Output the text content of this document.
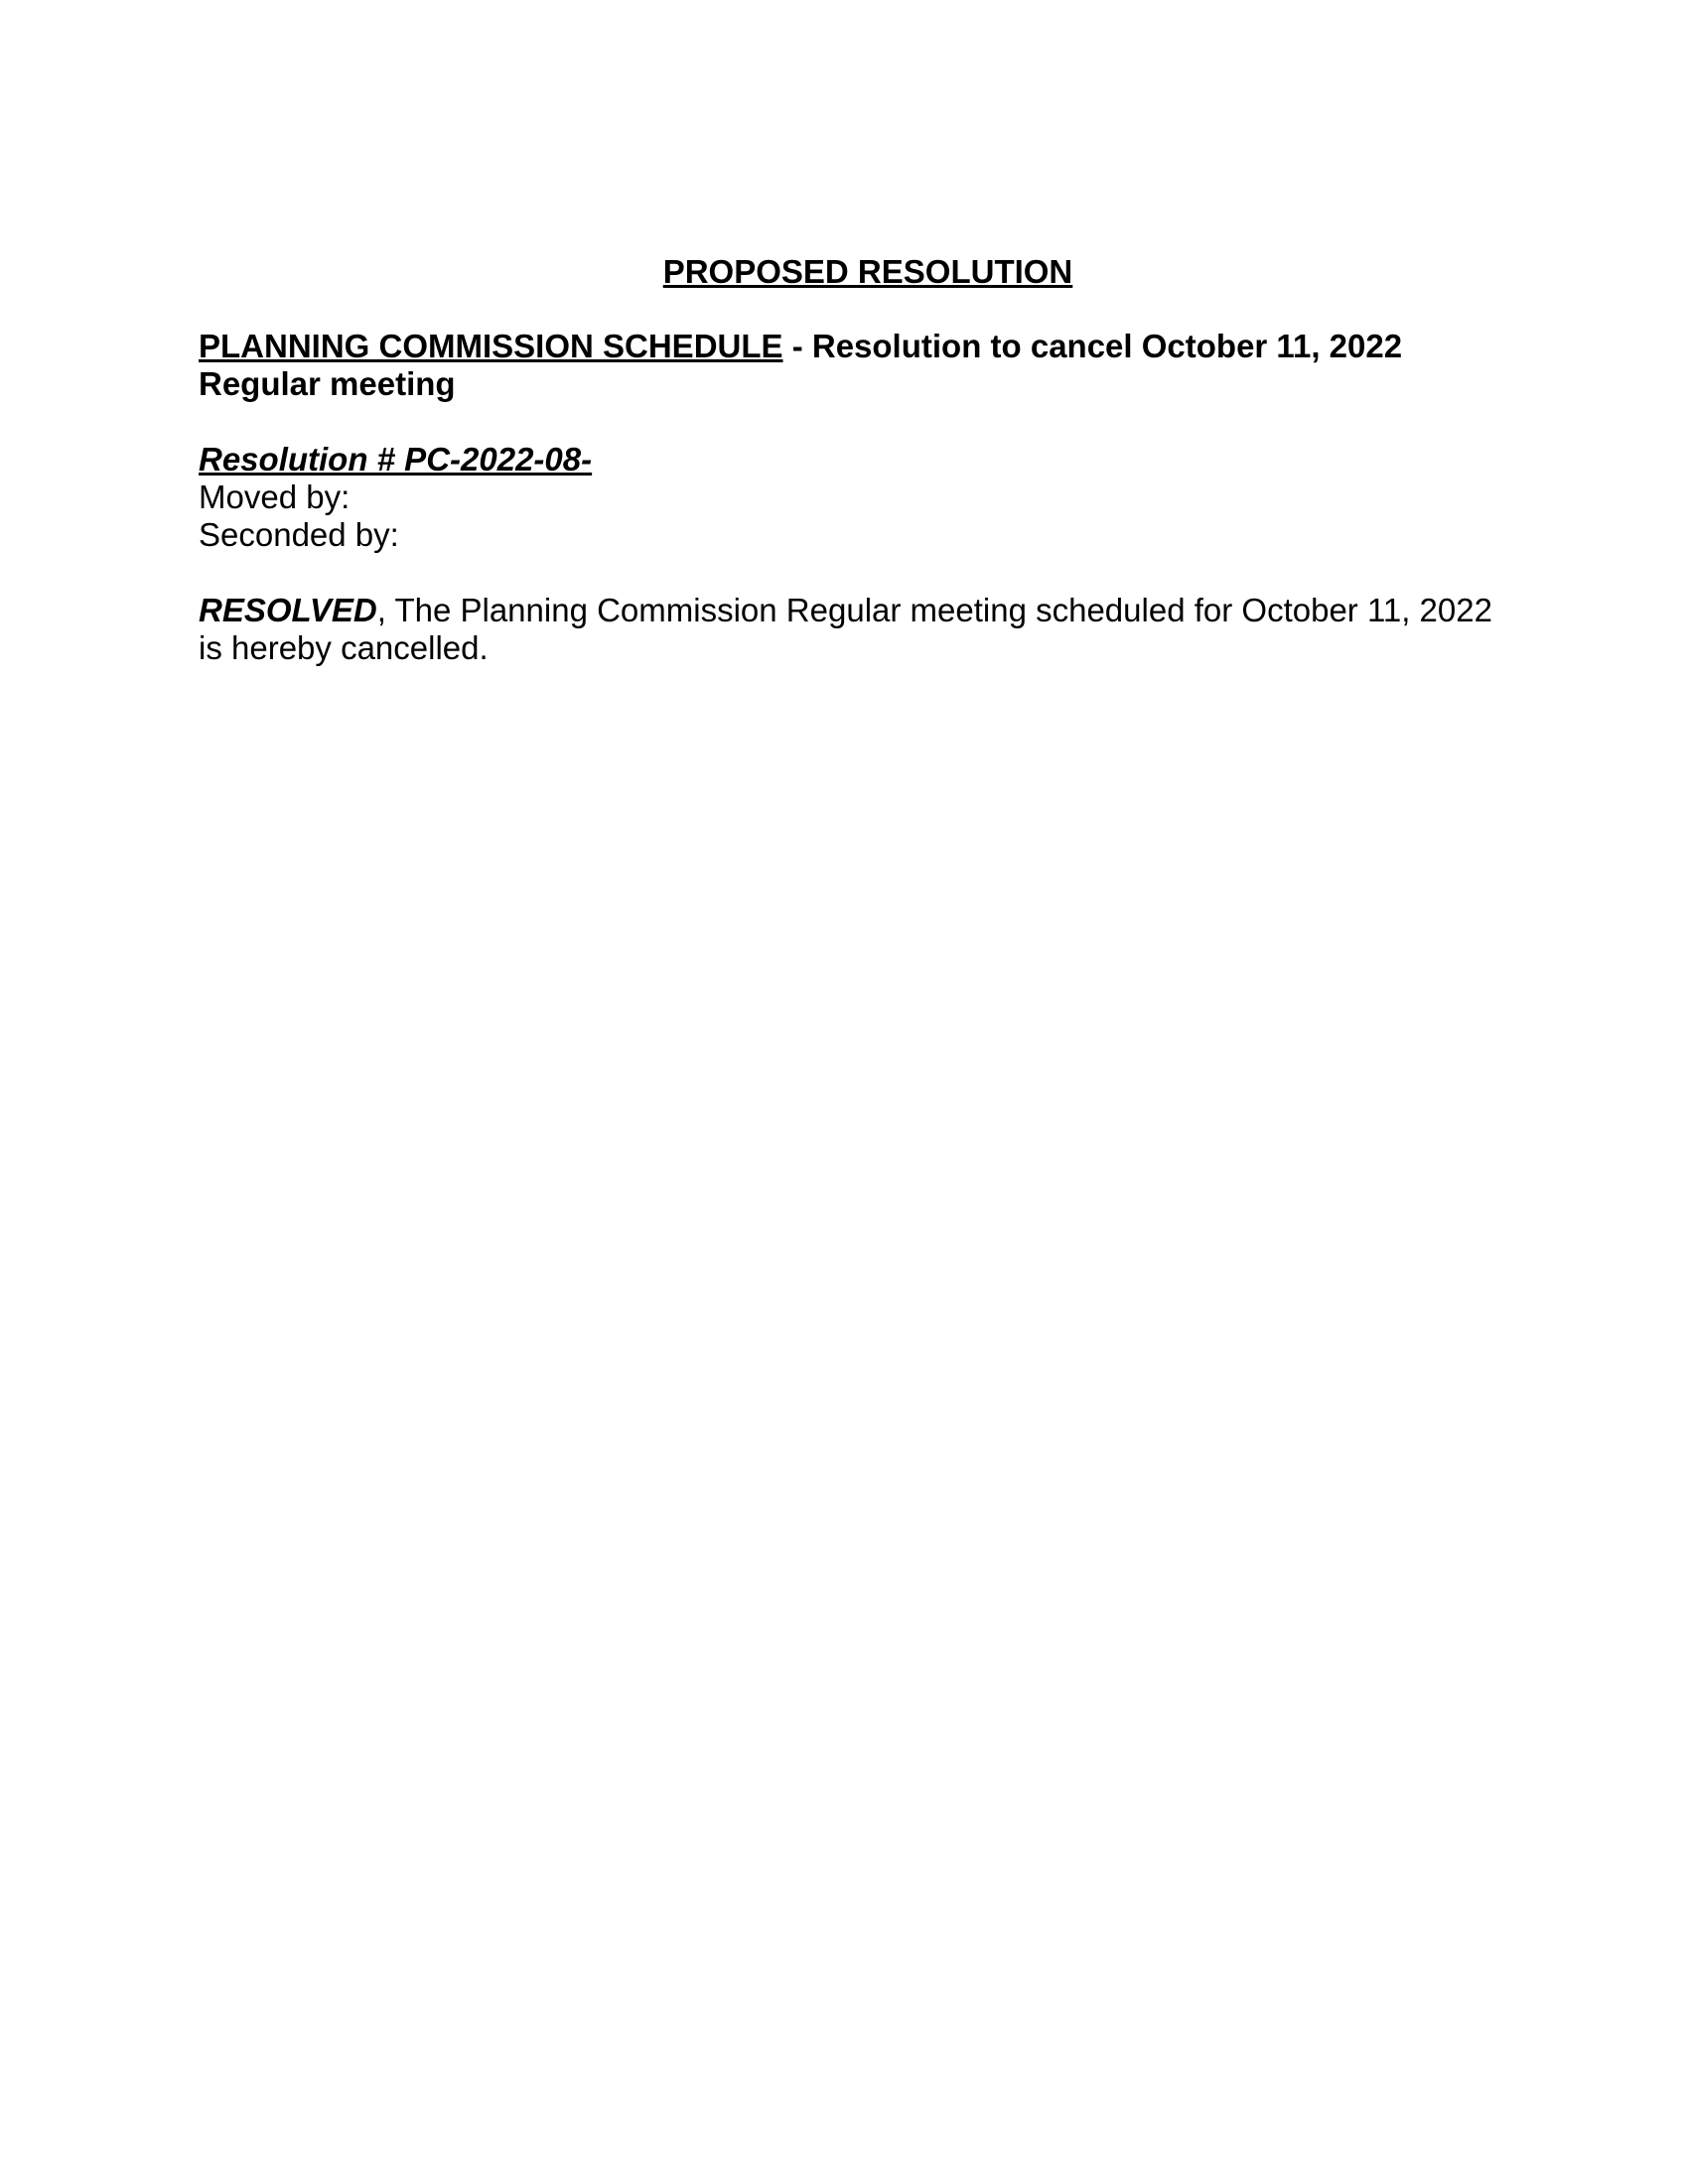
PROPOSED RESOLUTION
PLANNING COMMISSION SCHEDULE - Resolution to cancel October 11, 2022 Regular meeting
Resolution # PC-2022-08-
Moved by:
Seconded by:
RESOLVED, The Planning Commission Regular meeting scheduled for October 11, 2022 is hereby cancelled.
